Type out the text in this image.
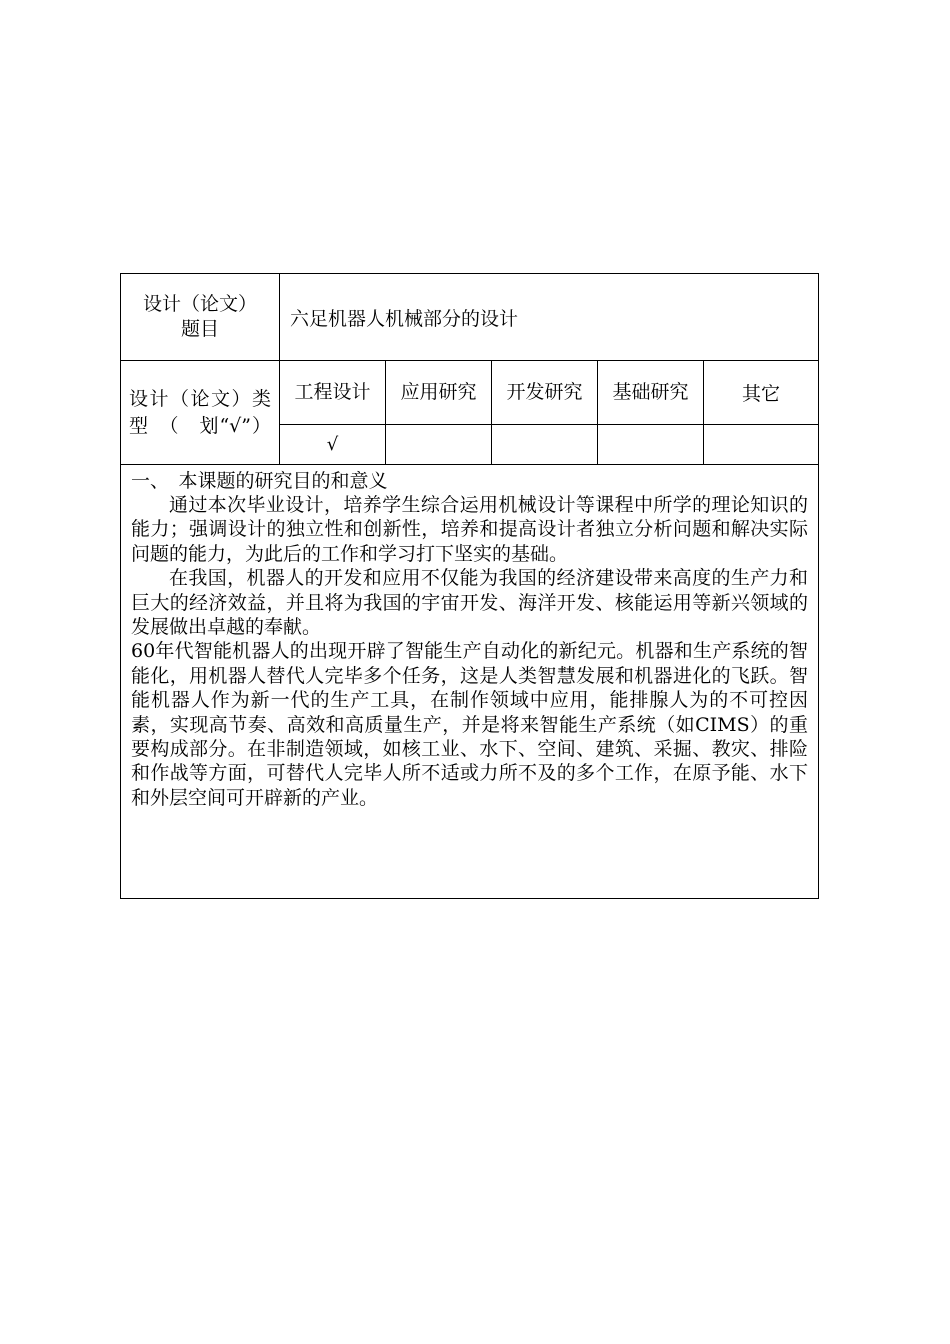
设计（论文）题目	六足机器人机械部分的设计
设计（论文）类　型　（　划“√”）
工程设计 应用研究 开发研究 基础研究	其它
√
一、　本课题的研究目的和意义

通过本次毕业设计，培养学生综合运用机械设计等课程中所学的理论知识的能力；强调设计的独立性和创新性，培养和提高设计者独立分析问题和解决实际问题的能力，为此后的工作和学习打下坚实的基础。

在我国，机器人的开发和应用不仅能为我国的经济建设带来高度的生产力和巨大的经济效益，并且将为我国的宇宙开发、海洋开发、核能运用等新兴领域的发展做出卓越的奉献。

60年代智能机器人的出现开辟了智能生产自动化的新纪元。机器和生产系统的智能化，用机器人替代人完毕多个任务，这是人类智慧发展和机器进化的飞跃。智能机器人作为新一代的生产工具，在制作领域中应用，能排腺人为的不可控因素，实现高节奏、高效和高质量生产，并是将来智能生产系统（如CIMS）的重要构成部分。在非制造领域，如核工业、水下、空间、建筑、采掘、教灾、排险和作战等方面，可替代人完毕人所不适或力所不及的多个工作，在原予能、水下和外层空间可开辟新的产业。
